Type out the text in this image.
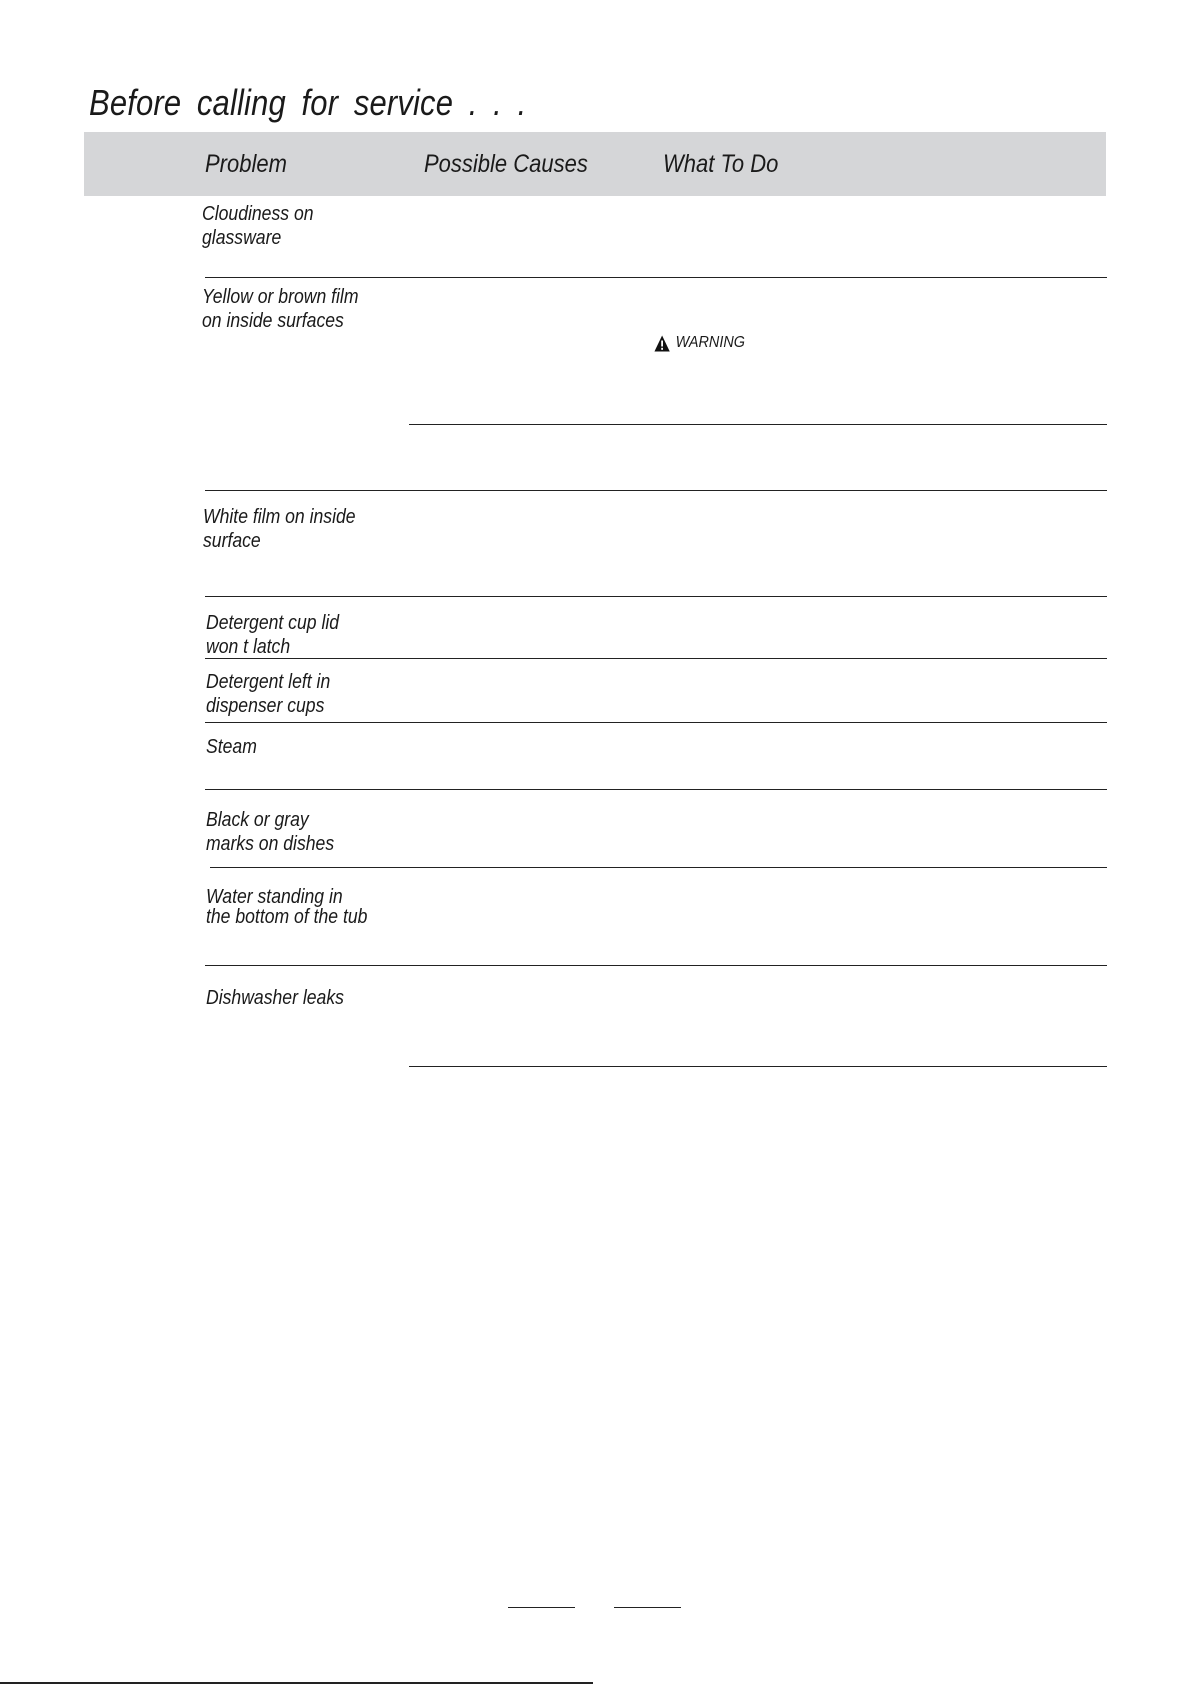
Before calling for service . . .
Problem	Possible Causes	What To Do
Cloudiness on
glassware
Yellow or brown film
on inside surfaces
WARNING
White film on inside
surface
Detergent cup lid
won t latch
Detergent left in
dispenser cups
Steam
Black or gray
marks on dishes
Water standing in
the bottom of the tub
Dishwasher leaks
